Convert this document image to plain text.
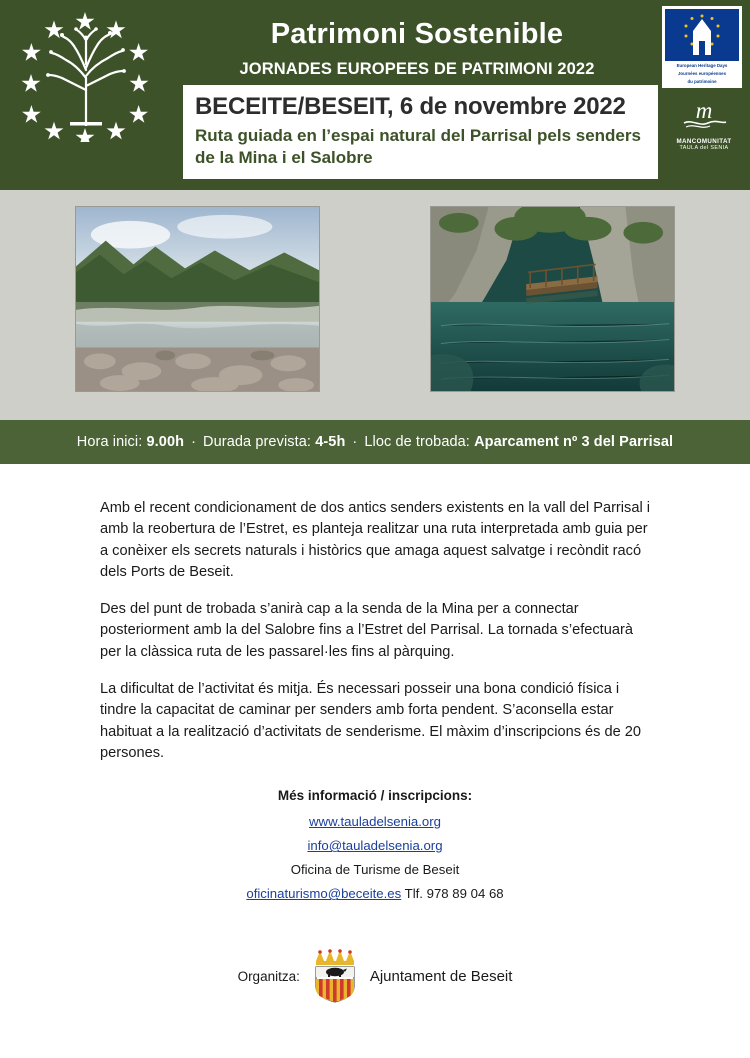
Patrimoni Sostenible
JORNADES EUROPEES DE PATRIMONI 2022
BECEITE/BESEIT, 6 de novembre 2022
Ruta guiada en l’espai natural del Parrisal pels senders de la Mina i el Salobre
European Heritage Days
Journées européennes
du patrimoine
m
MANCOMUNITAT
TAULA del SENIA
Hora inici:
9.00h · Durada prevista:
4-5h · Lloc de trobada:
Aparcament nº 3 del Parrisal

Amb el recent condicionament de dos antics senders existents en la vall del Parrisal i amb la reobertura de l’Estret, es planteja realitzar una ruta interpretada amb guia per a conèixer els secrets naturals i històrics que amaga aquest salvatge i recòndit racó dels Ports de Beseit.

Des del punt de trobada s’anirà cap a la senda de la Mina per a connectar posteriorment amb la del Salobre fins a l’Estret del Parrisal. La tornada s’efectuarà per la clàssica ruta de les passarel·les fins al pàrquing.

La dificultat de l’activitat és mitja. És necessari posseir una bona condició física i tindre la capacitat de caminar per senders amb forta pendent. S’aconsella estar habituat a la realització d’activitats de senderisme. El màxim d’inscripcions és de 20 persones.

Més informació / inscripcions:
www.tauladelsenia.org
info@tauladelsenia.org
Oficina de Turisme de Beseit
oficinaturismo@beceite.es Tlf. 978 89 04 68
Organitza:	Ajuntament de Beseit
